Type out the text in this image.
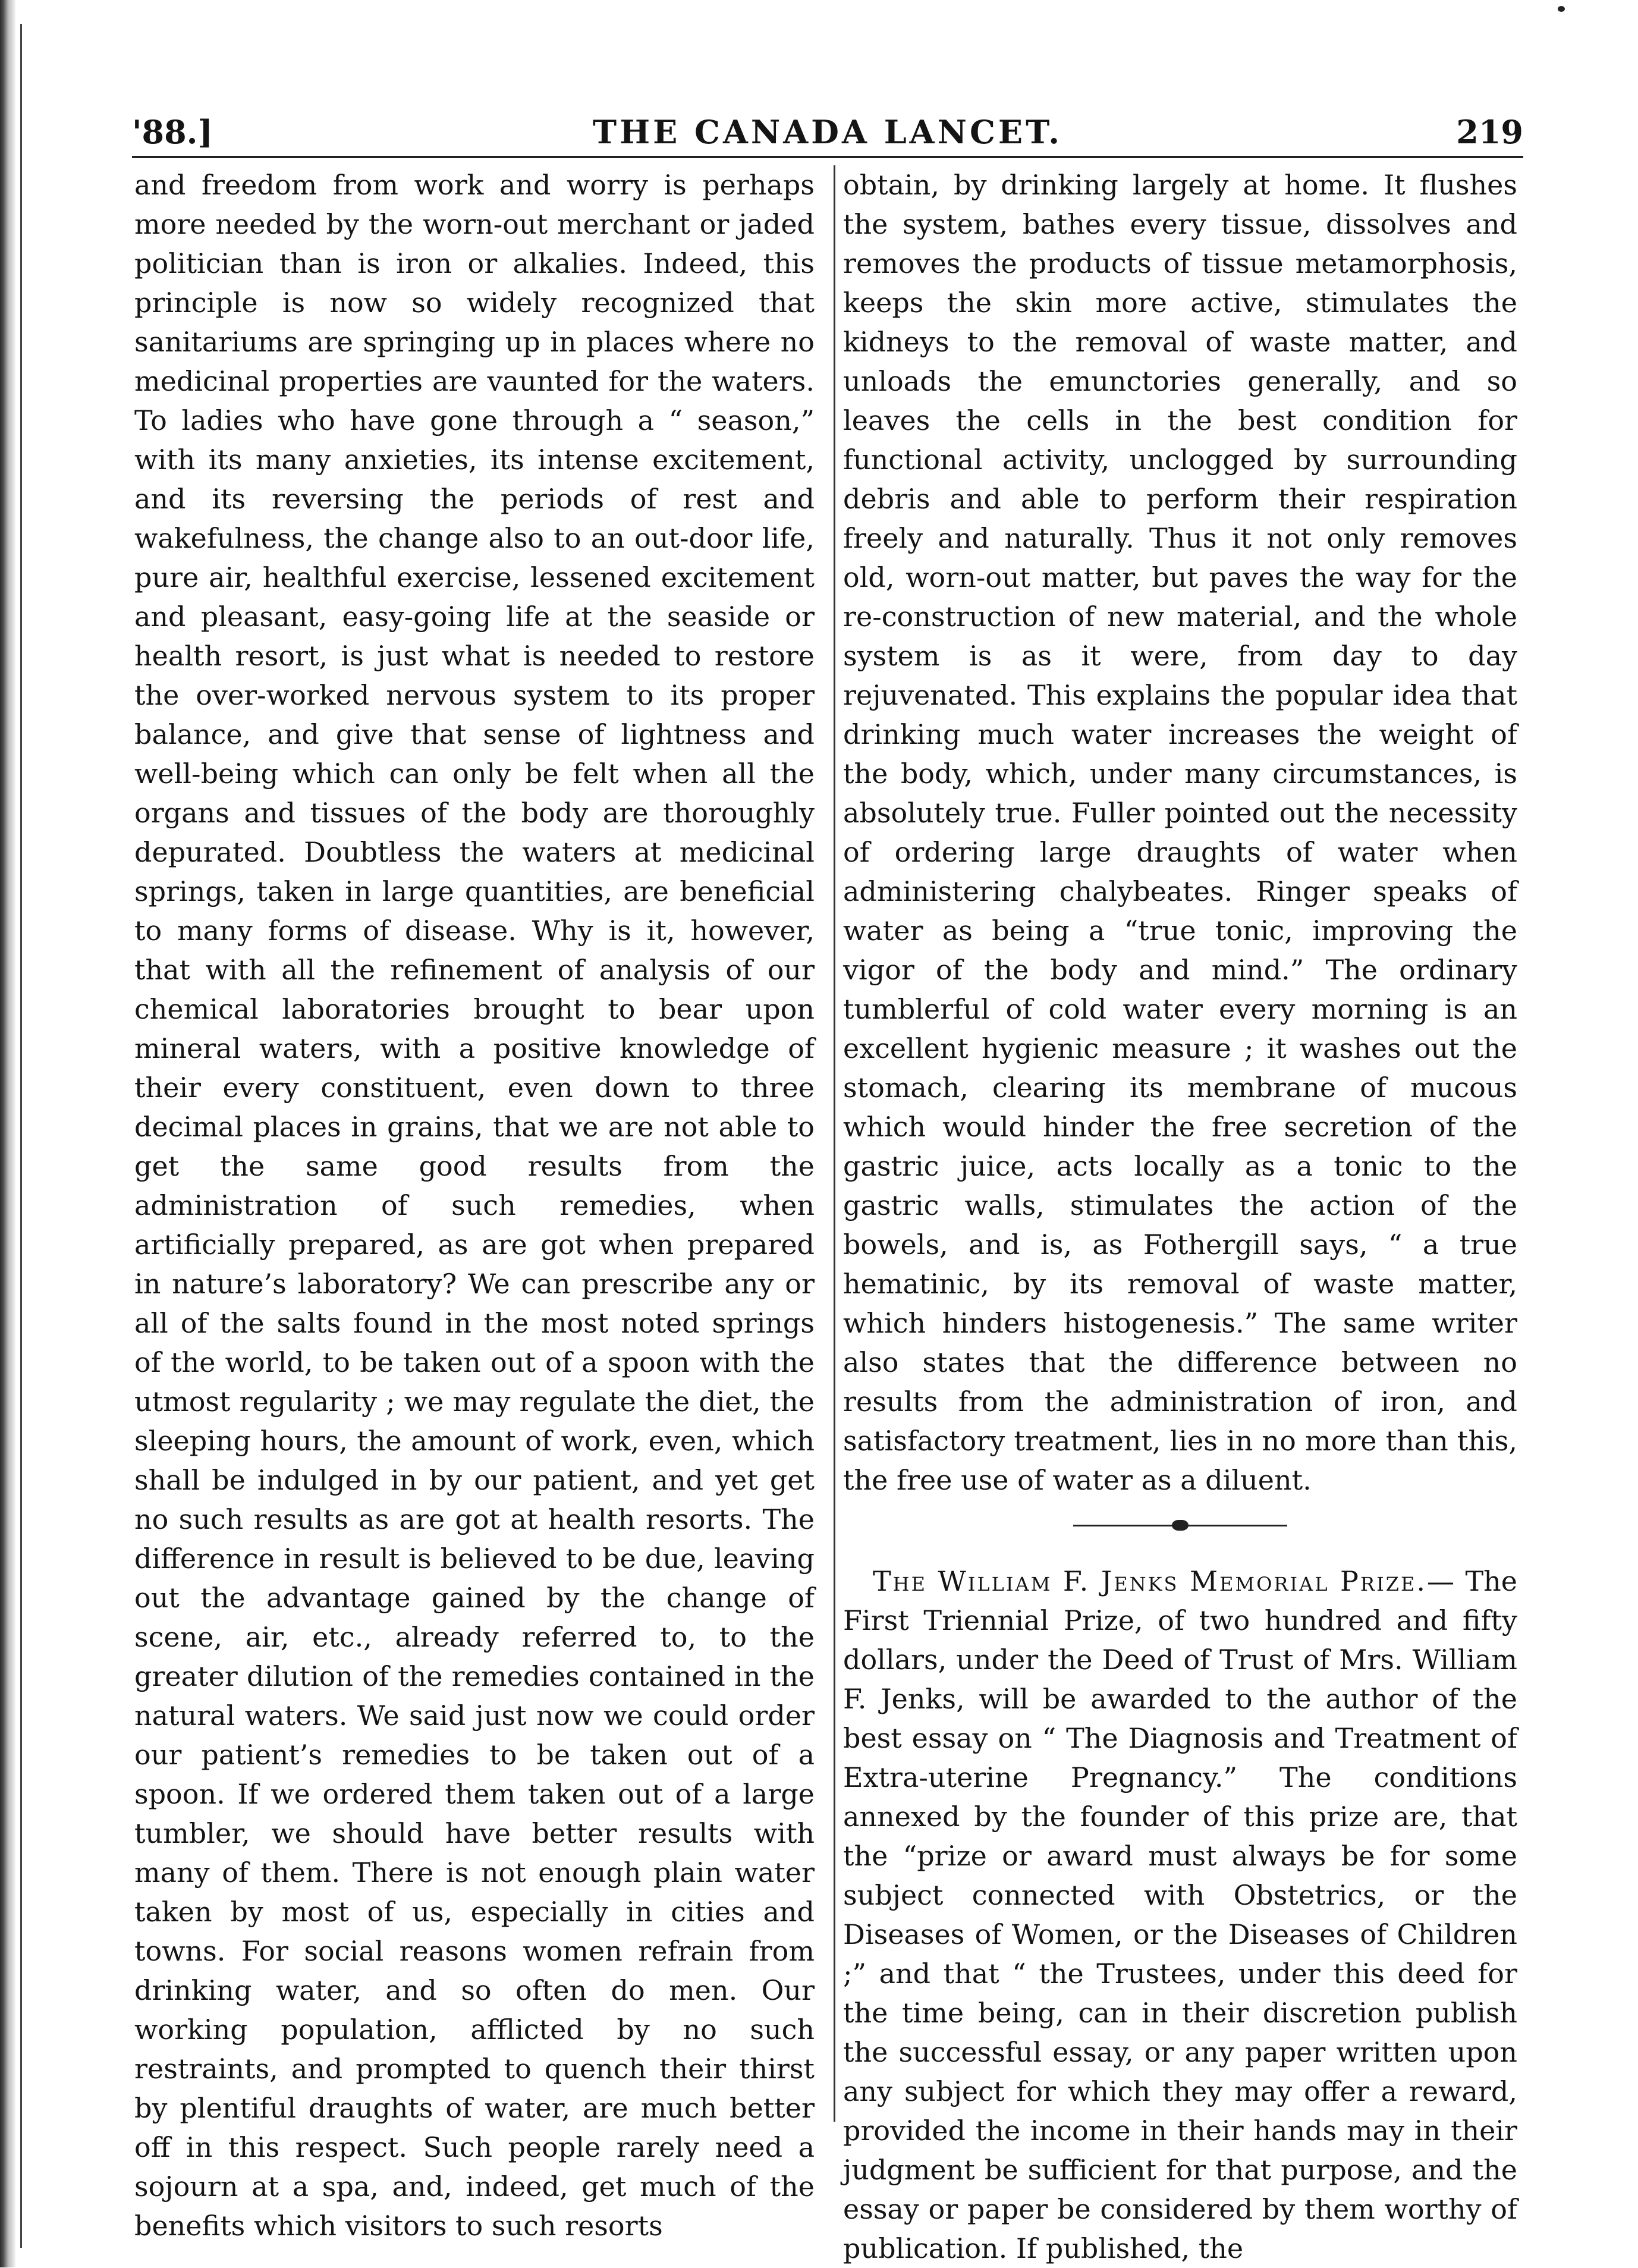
'88.]	THE CANADA LANCET.	219

and freedom from work and worry is perhaps more needed by the worn-out merchant or jaded politician than is iron or alkalies. Indeed, this principle is now so widely recognized that sanitariums are springing up in places where no medicinal properties are vaunted for the waters. To ladies who have gone through a “ season,” with its many anxieties, its intense excitement, and its reversing the periods of rest and wakefulness, the change also to an out-door life, pure air, healthful exercise, lessened excitement and pleasant, easy-going life at the seaside or health resort, is just what is needed to restore the over-worked nervous system to its proper balance, and give that sense of lightness and well-being which can only be felt when all the organs and tissues of the body are thoroughly depurated. Doubtless the waters at medicinal springs, taken in large quantities, are beneficial to many forms of disease. Why is it, however, that with all the refinement of analysis of our chemical laboratories brought to bear upon mineral waters, with a positive knowledge of their every constituent, even down to three decimal places in grains, that we are not able to get the same good results from the administration of such remedies, when artificially prepared, as are got when prepared in nature’s laboratory? We can prescribe any or all of the salts found in the most noted springs of the world, to be taken out of a spoon with the utmost regularity ; we may regulate the diet, the sleeping hours, the amount of work, even, which shall be indulged in by our patient, and yet get no such results as are got at health resorts. The difference in result is believed to be due, leaving out the advantage gained by the change of scene, air, etc., already referred to, to the greater dilution of the remedies contained in the natural waters. We said just now we could order our patient’s remedies to be taken out of a spoon. If we ordered them taken out of a large tumbler, we should have better results with many of them. There is not enough plain water taken by most of us, especially in cities and towns. For social reasons women refrain from drinking water, and so often do men. Our working population, afflicted by no such restraints, and prompted to quench their thirst by plentiful draughts of water, are much better off in this respect. Such people rarely need a sojourn at a spa, and, indeed, get much of the benefits which visitors to such resorts

obtain, by drinking largely at home. It flushes the system, bathes every tissue, dissolves and removes the products of tissue metamorphosis, keeps the skin more active, stimulates the kidneys to the removal of waste matter, and unloads the emunctories generally, and so leaves the cells in the best condition for functional activity, unclogged by surrounding debris and able to perform their respiration freely and naturally. Thus it not only removes old, worn-out matter, but paves the way for the re-construction of new material, and the whole system is as it were, from day to day rejuvenated. This explains the popular idea that drinking much water increases the weight of the body, which, under many circumstances, is absolutely true. Fuller pointed out the necessity of ordering large draughts of water when administering chalybeates. Ringer speaks of water as being a “true tonic, improving the vigor of the body and mind.” The ordinary tumblerful of cold water every morning is an excellent hygienic measure ; it washes out the stomach, clearing its membrane of mucous which would hinder the free secretion of the gastric juice, acts locally as a tonic to the gastric walls, stimulates the action of the bowels, and is, as Fothergill says, “ a true hematinic, by its removal of waste matter, which hinders histogenesis.” The same writer also states that the difference between no results from the administration of iron, and satisfactory treatment, lies in no more than this, the free use of water as a diluent.

The William F. Jenks Memorial Prize.— The First Triennial Prize, of two hundred and fifty dollars, under the Deed of Trust of Mrs. William F. Jenks, will be awarded to the author of the best essay on “ The Diagnosis and Treatment of Extra-uterine Pregnancy.” The conditions annexed by the founder of this prize are, that the “prize or award must always be for some subject connected with Obstetrics, or the Diseases of Women, or the Diseases of Children ;” and that “ the Trustees, under this deed for the time being, can in their discretion publish the successful essay, or any paper written upon any subject for which they may offer a reward, provided the income in their hands may in their judgment be sufficient for that purpose, and the essay or paper be considered by them worthy of publication. If published, the
